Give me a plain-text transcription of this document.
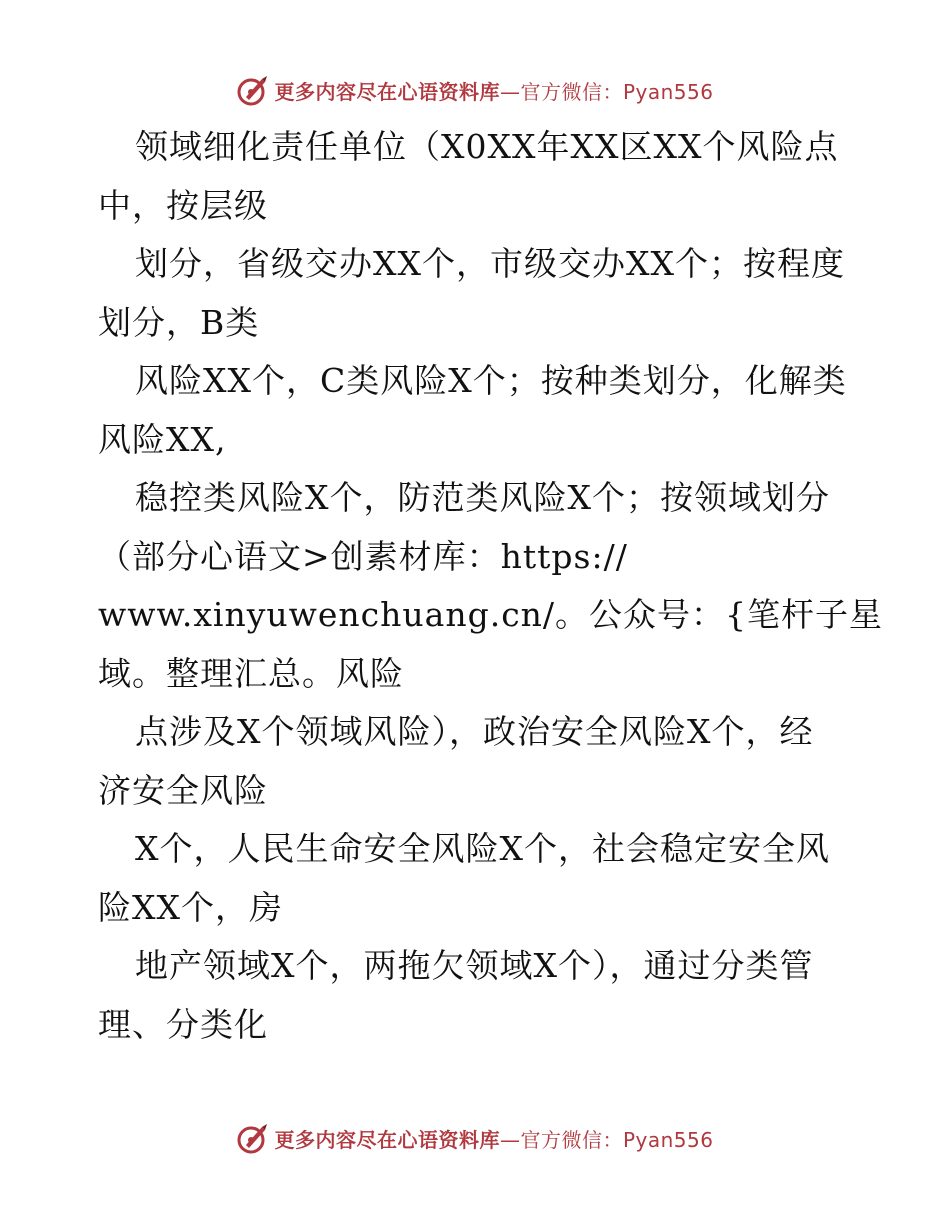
更多内容尽在心语资料库—官方微信：Pyan556
领域细化责任单位（X0XX年XX区XX个风险点
中，按层级
划分，省级交办XX个，市级交办XX个；按程度
划分，B类
风险XX个，C类风险X个；按种类划分，化解类
风险XX,
稳控类风险X个，防范类风险X个；按领域划分
（部分心语文>创素材库：https://
www.xinyuwenchuang.cn/。公众号：{笔杆子星
域。整理汇总。风险
点涉及X个领域风险），政治安全风险X个，经
济安全风险
X个，人民生命安全风险X个，社会稳定安全风
险XX个，房
地产领域X个，两拖欠领域X个），通过分类管
理、分类化
更多内容尽在心语资料库—官方微信：Pyan556
